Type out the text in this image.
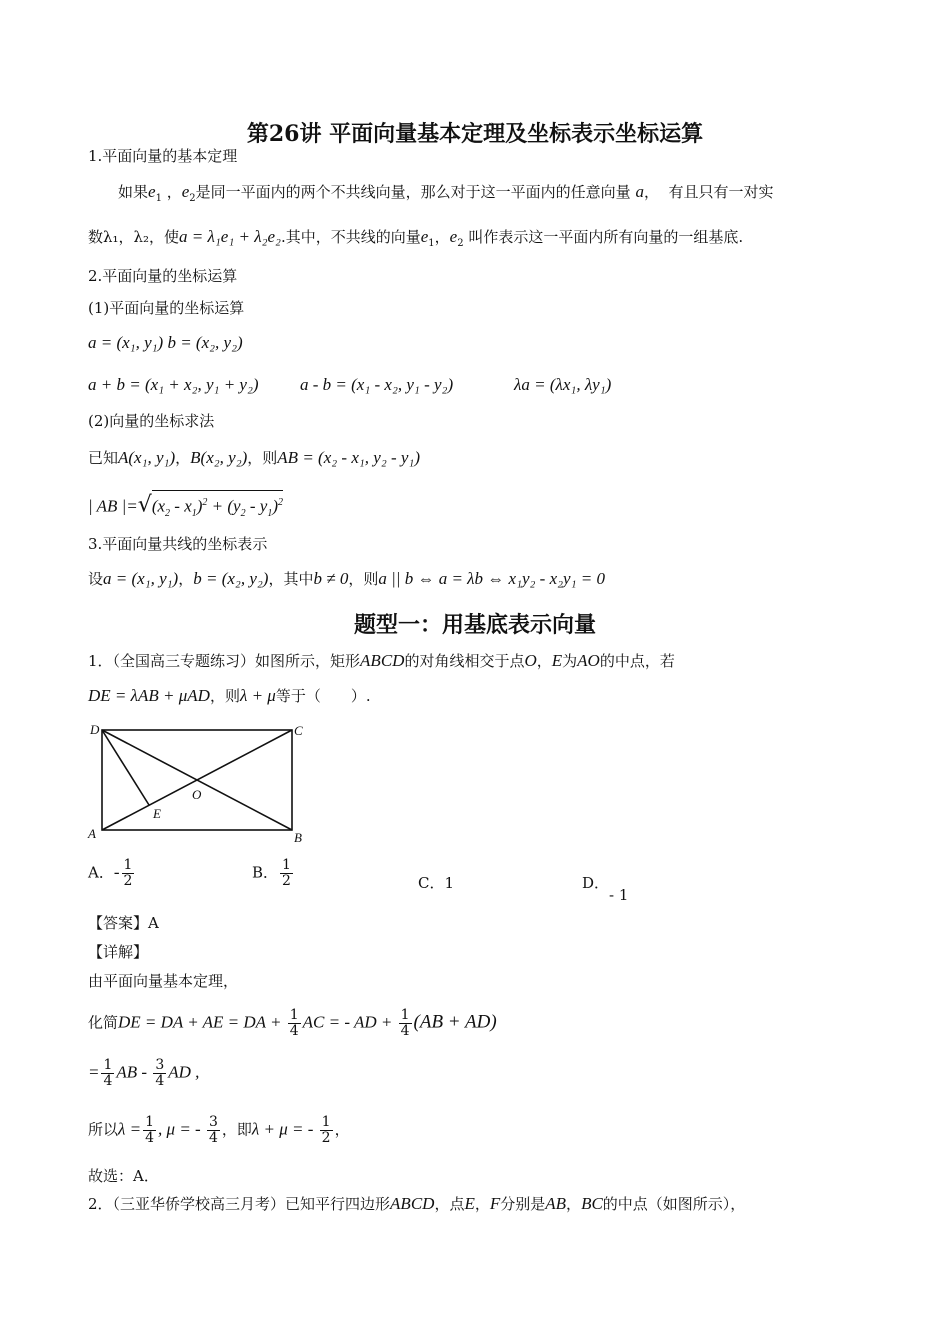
第26讲 平面向量基本定理及坐标表示坐标运算
1.平面向量的基本定理
如果$e_1$ ，$e_2$是同一平面内的两个不共线向量，那么对于这一平面内的任意向量 a， 有且只有一对实
数λ₁，λ₂，使a = λ₁e₁ + λ₂e₂.其中，不共线的向量$e_1$，$e_2$ 叫作表示这一平面内所有向量的一组基底.
2.平面向量的坐标运算
(1)平面向量的坐标运算
a = (x₁, y₁) b = (x₂, y₂)
a + b = (x₁ + x₂, y₁ + y₂) a - b = (x₁ - x₂, y₁ - y₂)	λa = (λx₁, λy₁)
(2)向量的坐标求法
已知A(x₁, y₁)，B(x₂, y₂)，则AB = (x₂ - x₁, y₂ - y₁)
| AB $|=√(x_2 - x_1)^2 + (y_2 - y_1)^2$
3.平面向量共线的坐标表示
设a = (x₁, y₁)，b = (x₂, y₂)，其中b ≠ 0，则a || b ⇔ a = λb ⇔ x₁y₂ - x₂y₁ = 0
题型一：用基底表示向量
1．（全国高三专题练习）如图所示，矩形ABCD的对角线相交于点O，E为AO的中点，若
DE = λAB + μAD，则λ + μ等于（　　）.
D	C
A	B
O
E
A．- $\frac{1}{2}$	B． $\frac{1}{2}$	C．1	D．- 1
【答案】A
【详解】
由平面向量基本定理，
化简DE = DA + AE = DA + $\frac{1}{4}$ AC = - AD + $\frac{1}{4} (AB + AD)$
= $\frac{1}{4}$ AB - $\frac{3}{4}$ AD ,
所以$\lambda = \frac{1}{4}$ , μ = - $\frac{3}{4}$ ，即λ + μ = - $\frac{1}{2}$ ，
故选：A．
2．（三亚华侨学校高三月考）已知平行四边形ABCD，点E，F分别是AB，BC的中点（如图所示），
